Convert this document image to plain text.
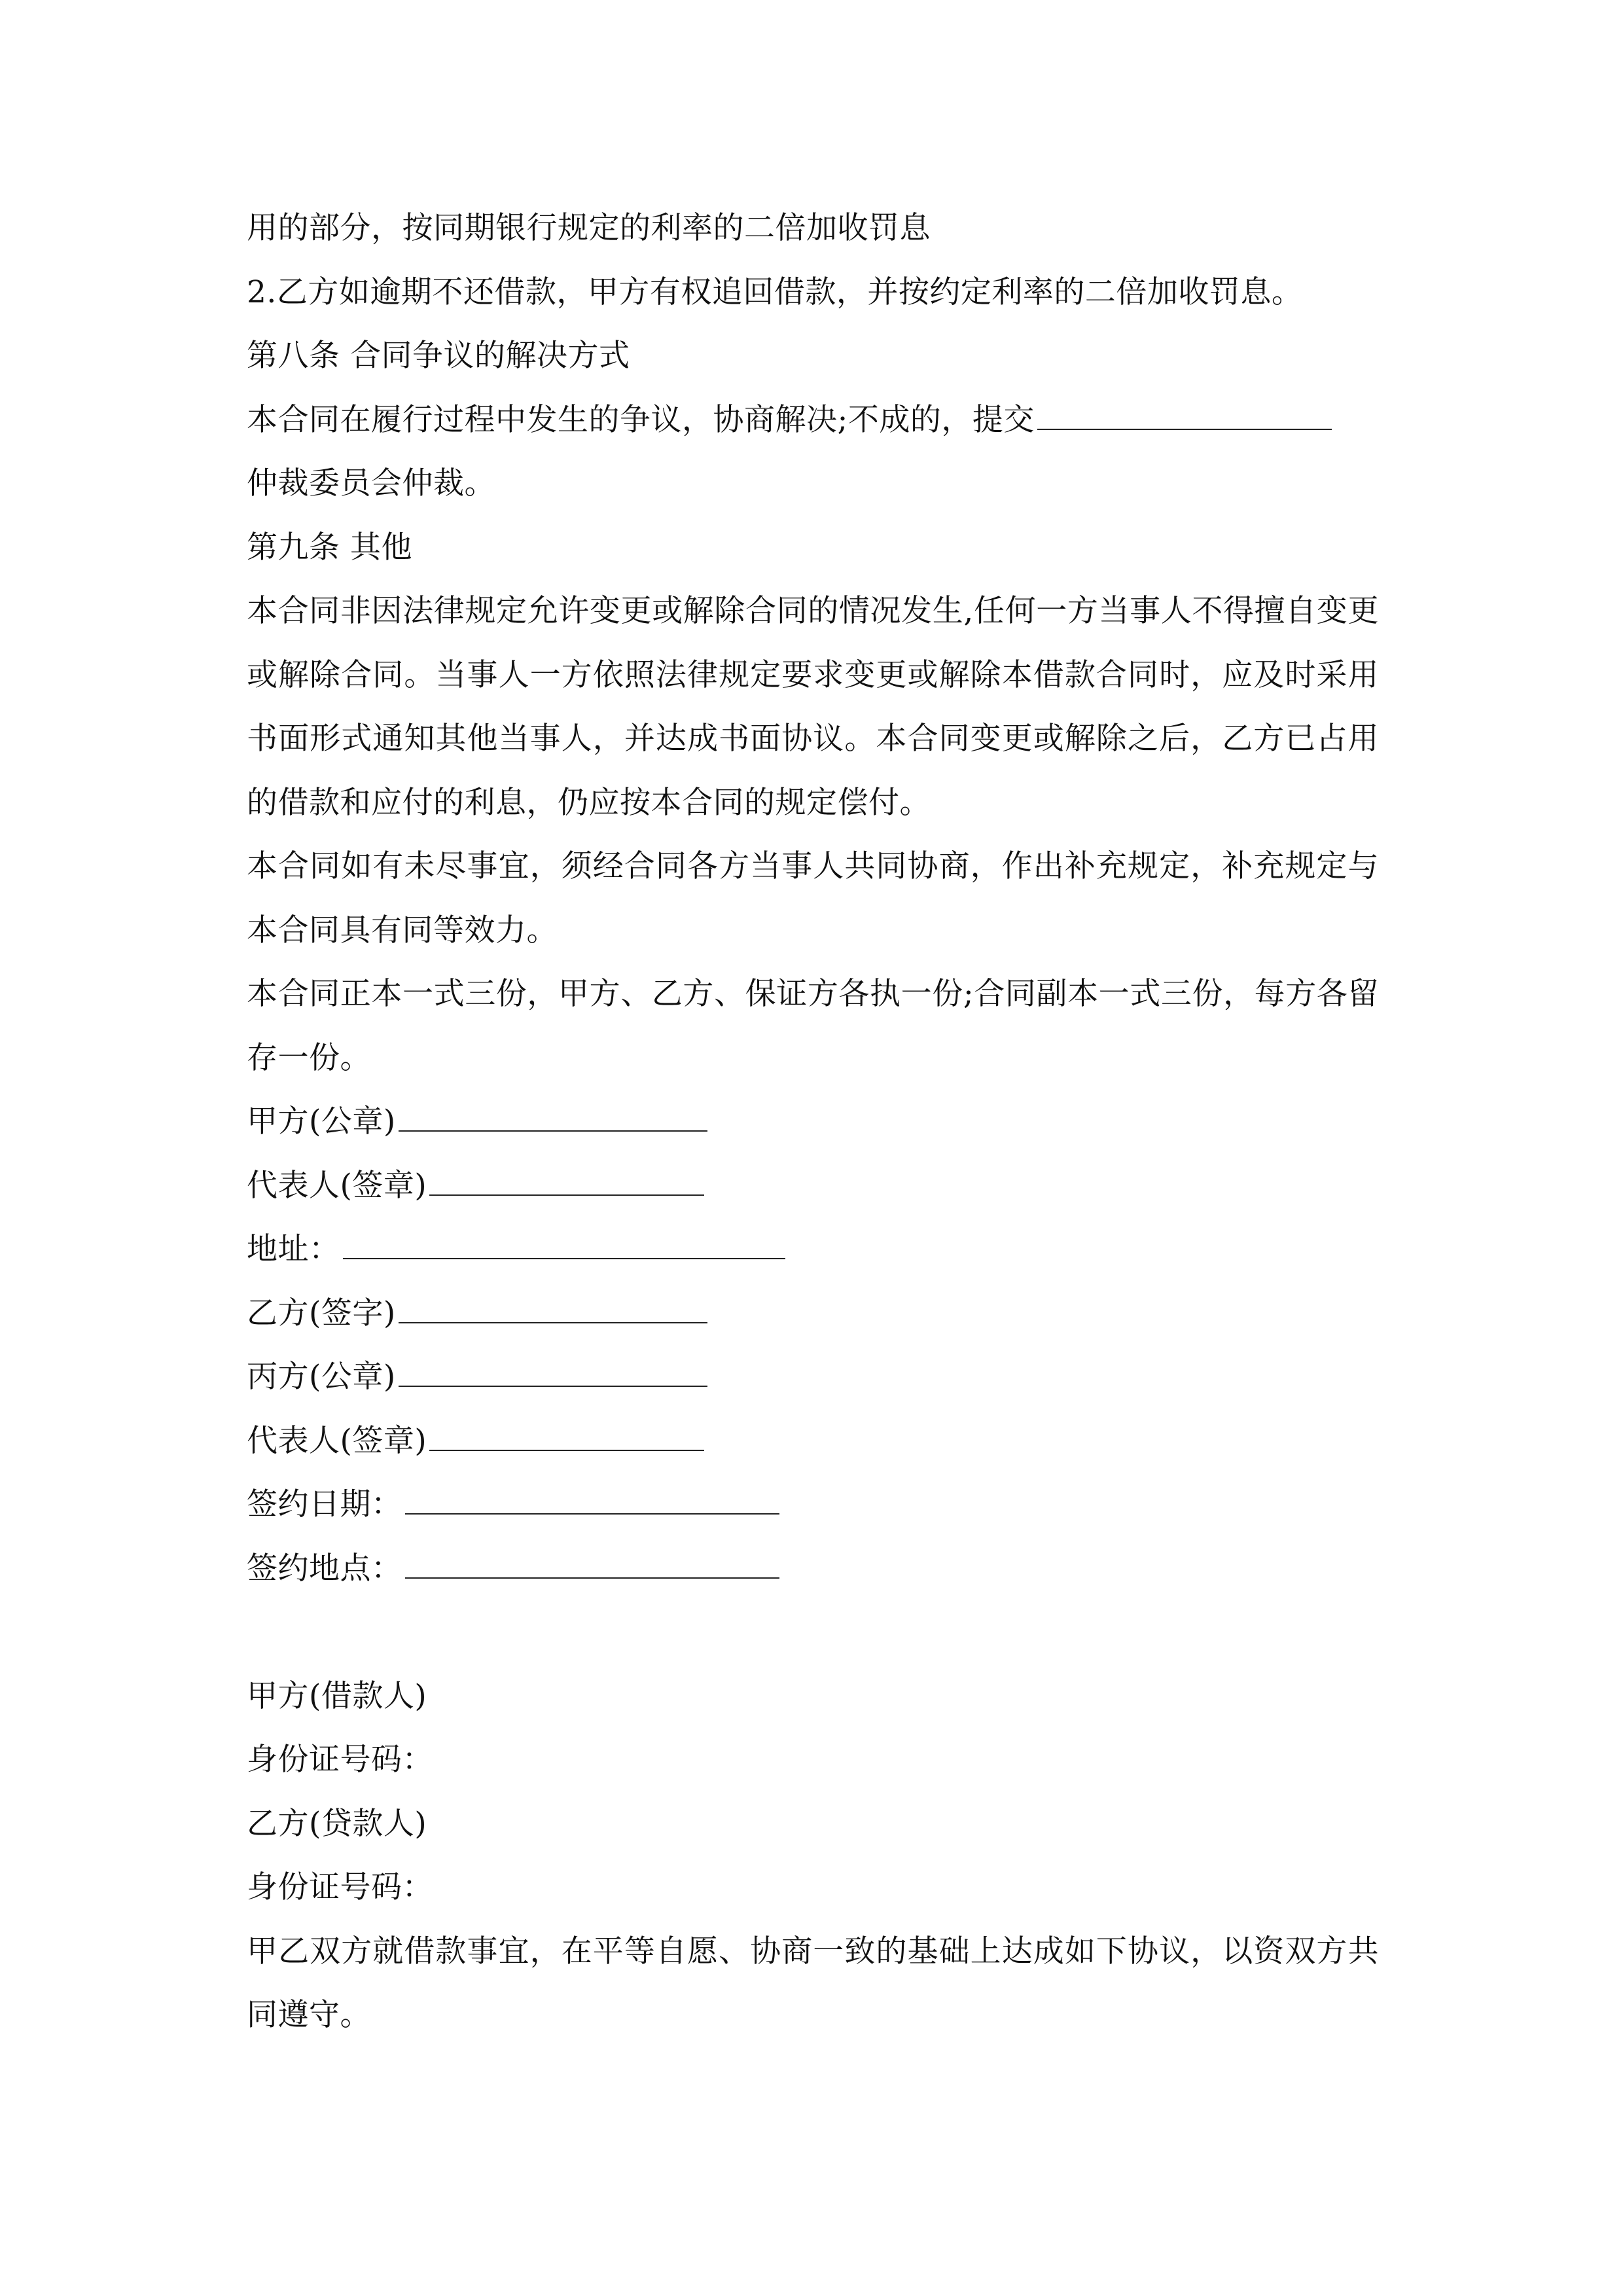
用的部分，按同期银行规定的利率的二倍加收罚息
2.乙方如逾期不还借款，甲方有权追回借款，并按约定利率的二倍加收罚息。
第八条 合同争议的解决方式
本合同在履行过程中发生的争议，协商解决;不成的，提交
仲裁委员会仲裁。
第九条 其他
本合同非因法律规定允许变更或解除合同的情况发生,任何一方当事人不得擅自变更或解除合同。当事人一方依照法律规定要求变更或解除本借款合同时，应及时采用书面形式通知其他当事人，并达成书面协议。本合同变更或解除之后，乙方已占用的借款和应付的利息，仍应按本合同的规定偿付。
本合同如有未尽事宜，须经合同各方当事人共同协商，作出补充规定，补充规定与本合同具有同等效力。
本合同正本一式三份，甲方、乙方、保证方各执一份;合同副本一式三份，每方各留存一份。
甲方(公章)
代表人(签章)
地址：
乙方(签字)
丙方(公章)
代表人(签章)
签约日期：
签约地点：
甲方(借款人)
身份证号码：
乙方(贷款人)
身份证号码：
甲乙双方就借款事宜，在平等自愿、协商一致的基础上达成如下协议，以资双方共同遵守。
